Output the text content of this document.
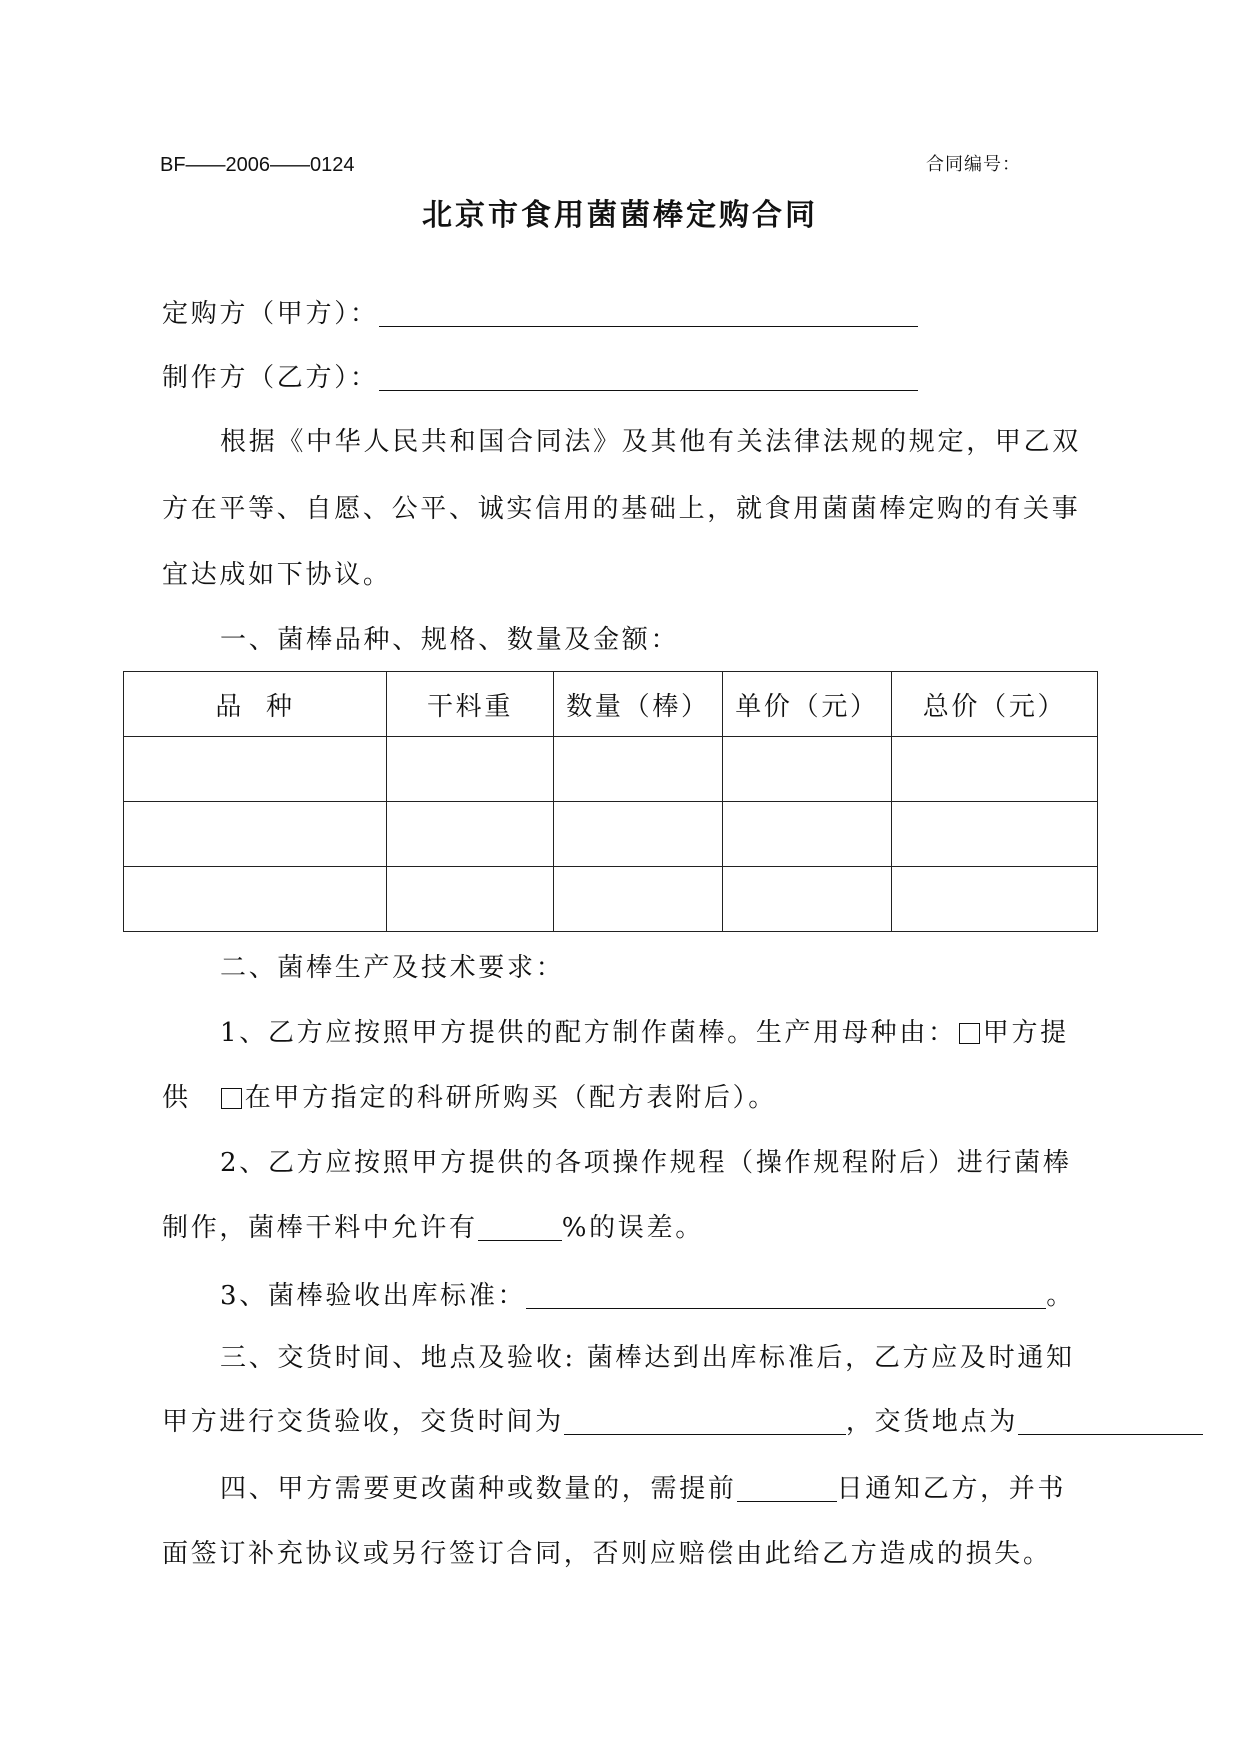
BF——2006——0124	合同编号：
北京市食用菌菌棒定购合同
定购方（甲方）：
制作方（乙方）：
根据《中华人民共和国合同法》及其他有关法律法规的规定，甲乙双
方在平等、自愿、公平、诚实信用的基础上，就食用菌菌棒定购的有关事
宜达成如下协议。
一、菌棒品种、规格、数量及金额：
品  种	干料重	数量（棒）	单价（元）	总价（元）

二、菌棒生产及技术要求：
1、乙方应按照甲方提供的配方制作菌棒。生产用母种由： 甲方提
供 在甲方指定的科研所购买（配方表附后）。
2、乙方应按照甲方提供的各项操作规程（操作规程附后）进行菌棒
制作，菌棒干料中允许有	%的误差。
3、菌棒验收出库标准：	。
三、交货时间、地点及验收: 菌棒达到出库标准后，乙方应及时通知
甲方进行交货验收，交货时间为	，交货地点为
四、甲方需要更改菌种或数量的，需提前	日通知乙方，并书
面签订补充协议或另行签订合同，否则应赔偿由此给乙方造成的损失。
